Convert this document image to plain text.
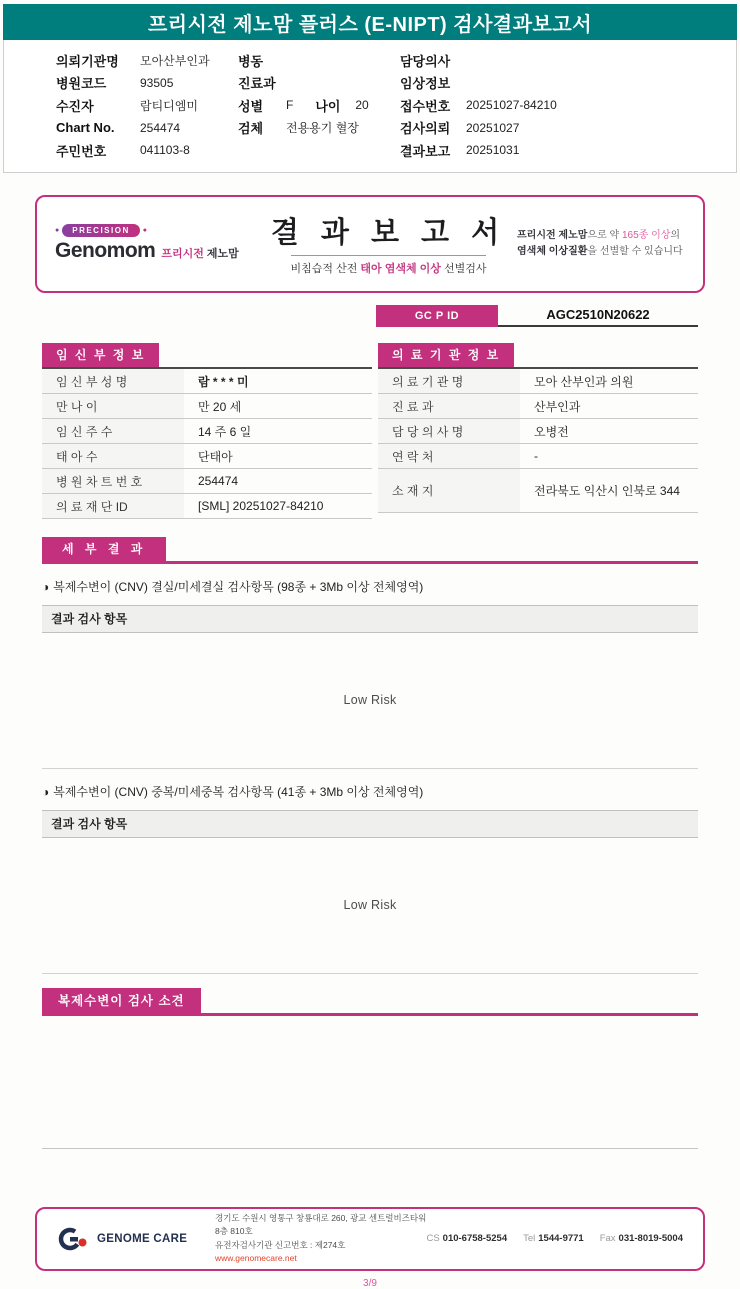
프리시전 제노맘 플러스 (E-NIPT) 검사결과보고서
의뢰기관명	모아산부인과
병원코드	93505
수진자	람티디엠미
Chart No.	254474
주민번호	041103-8
병동
진료과
성별	F 나이	20
검체	전용용기 혈장
담당의사
임상정보
접수번호	20251027-84210
검사의뢰	20251027
결과보고	20251031
●	PRECISION	●
Genomom 프리시전 제노맘
결 과 보 고 서
비침습적 산전 태아 염색체 이상 선별검사
프리시전 제노맘으로 약 165종 이상의
염색체 이상질환을 선별할 수 있습니다
GC P ID	AGC2510N20622
임 신 부 정 보
임 신 부 성 명	람 * * * 미
만 나 이	만 20 세
임 신 주 수	14 주 6 일
태 아 수	단태아
병 원 차 트 번 호	254474
의 료 재 단 ID	[SML] 20251027-84210
의 료 기 관 정 보
의 료 기 관 명	모아 산부인과 의원
진 료 과	산부인과
담 당 의 사 명	오병전
연 락 처	-
소 재 지	전라북도 익산시 인북로 344
세 부 결 과
◑ 복제수변이 (CNV) 결실/미세결실 검사항목 (98종 + 3Mb 이상 전체영역)
결과 검사 항목
Low Risk
◑ 복제수변이 (CNV) 중복/미세중복 검사항목 (41종 + 3Mb 이상 전체영역)
결과 검사 항목
Low Risk
복제수변이 검사 소견
GENOME CARE
경기도 수원시 영통구 창룡대로 260, 광교 센트럴비즈타워 8층 810호
유전자검사기관 신고번호 : 제274호
www.genomecare.net
CS 010-6758-5254 Tel 1544-9771 Fax 031-8019-5004
3/9
